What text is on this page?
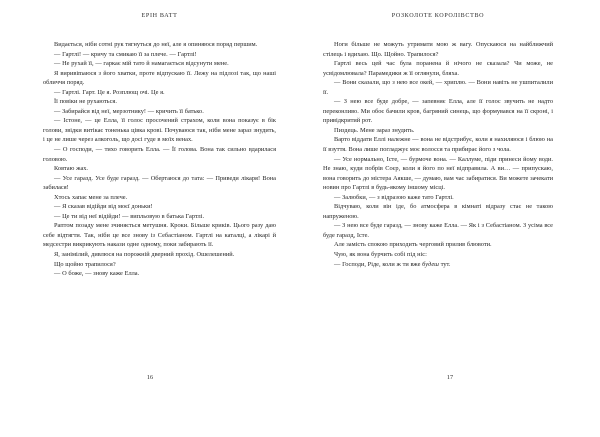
ЕРІН ВАТТ

Видається, ніби сотні рук тягнуться до неї, але я опиняюся поряд першим.

— Гартлі! — кричу та смикаю її за плече. — Гартлі!

— Не рухай її, — гаркає мій тато й намагається відсунути мене.

Я виривimаюся з його хватки, проте відпускаю її. Лежу на підлозі так, що наші обличчя поряд.

— Гартлі. Гарт. Це я. Розплющ очі. Це я.

Її повіки не рухаються.

— Забирайся від неї, мерзотнику! — кричить її батько.

— Істоне, — це Елла, її голос просочений страхом, коли вона показує в бік голови, звідки витікає тоненька цівка крові. Почуваюся так, ніби мене зараз знудить, і це не лише через алкоголь, що досі гуде в моїх венах.

— О господи, — тихо говорить Елла. — Її голова. Вона так сильно вдарилася головою.

Ковтаю жах.

— Усе гаразд. Усе буде гаразд. — Обертаюся до тата: — Приведи лікаря! Вона забилася!

Хтось хапає мене за плече.

— Я сказав відійди від моєї доньки!

— Це ти від неї відійди! — випльовую в батька Гартлі.

Раптом позаду мене зчиняється метушня. Кроки. Більше криків. Цього разу даю себе відтягти. Так, ніби це все знову із Себастіаном. Гартлі на каталці, а лікарі й медсестри викрикують накази одне одному, поки забирають її.

Я, занімілий, дивлюся на порожній дверний прохід. Ошелешений.

Що щойно трапилося?

— О боже, — знову каже Елла.

16
РОЗКОЛОТЕ КОРОЛІВСТВО

Ноги більше не можуть утримати мою ж вагу. Опускаюся на найближчий стілець і вдихаю. Що. Щойно. Трапилося?

Гартлі весь цей час була поранена й нічого не сказала? Чи може, не усвідомлювала? Парамедики ж її оглянули, бляха.

— Вони сказали, що з нею все окей, — хриплю. — Вони навіть не ушпиталили її.

— З нею все буде добре, — запевняє Елла, але її голос звучить не надто переконливо. Ми обоє бачили кров, багряний синець, що формувався на її скроні, і привідкритий рот.

Пиздець. Мене зараз знудить.

Варто віддати Еллі належне — вона не відстрибує, коли я нахиляюся і блюю на її взуття. Вона лише погладжує моє волосся та прибирає його з чола.

— Усе нормально, Істе, — бурмоче вона. — Каллуме, піди принеси йому води. Не знаю, куди побрів Соєр, коли я його по неї відправила. А ви… — припускаю, вона говорить до містера Аякше, — думаю, вам час забиратися. Ви можете зачекати новин про Гартлі в будь-якому іншому місці.

— Залюбки, — з відразою каже тато Гартлі.

Відчуваю, коли він іде, бо атмосфера в кімнаті відразу стає не такою напруженою.

— З нею все буде гаразд, — знову каже Елла. — Як і з Себастіаном. З усіма все буде гаразд, Істе.

Але замість спокою приходить черговий прилив блювоти.

Чую, як вона бурчить собі під ніс:

— Господи, Ріде, коли ж ти вже будеш тут.

17
